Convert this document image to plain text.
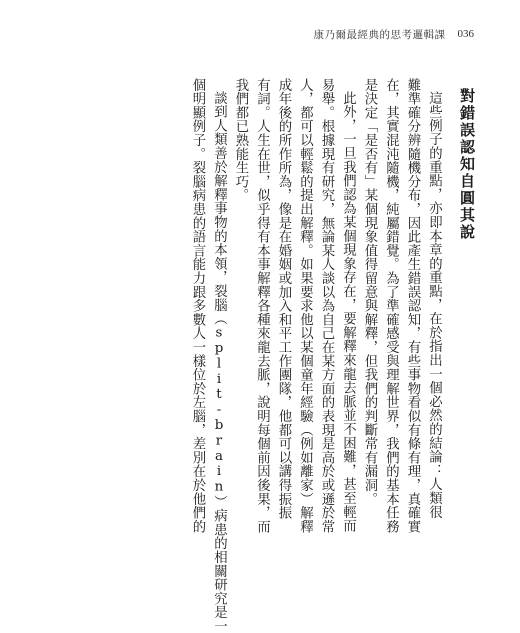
康乃爾最經典的思考邏輯課 036
對錯誤認知自圓其說
這些例子的重點，亦即本章的重點，在於指出一個必然的結論：人類很
難準確分辨隨機分布，因此產生錯誤認知，有些事物看似有條有理，真確實
在，其實混沌隨機，純屬錯覺。為了準確感受與理解世界，我們的基本任務
是決定「是否有」某個現象值得留意與解釋，但我們的判斷常有漏洞。
此外，一旦我們認為某個現象存在，要解釋來龍去脈並不困難，甚至輕而
易舉。根據現有研究，無論某人談以為自己在某方面的表現是高於或遜於常
人，都可以輕鬆的提出解釋。如果要求他以某個童年經驗（例如離家）解釋
成年後的所作所為，像是在婚姻或加入和平工作團隊，他都可以講得振振
有詞。人生在世，似乎得有本事解釋各種來龍去脈，說明每個前因後果，而
我們都已熟能生巧。
談到人類善於解釋事物的本領，裂腦（split-brain）病患的相關研究是一
個明顯例子。裂腦病患的語言能力跟多數人一樣位於左腦，差別在於他們的
